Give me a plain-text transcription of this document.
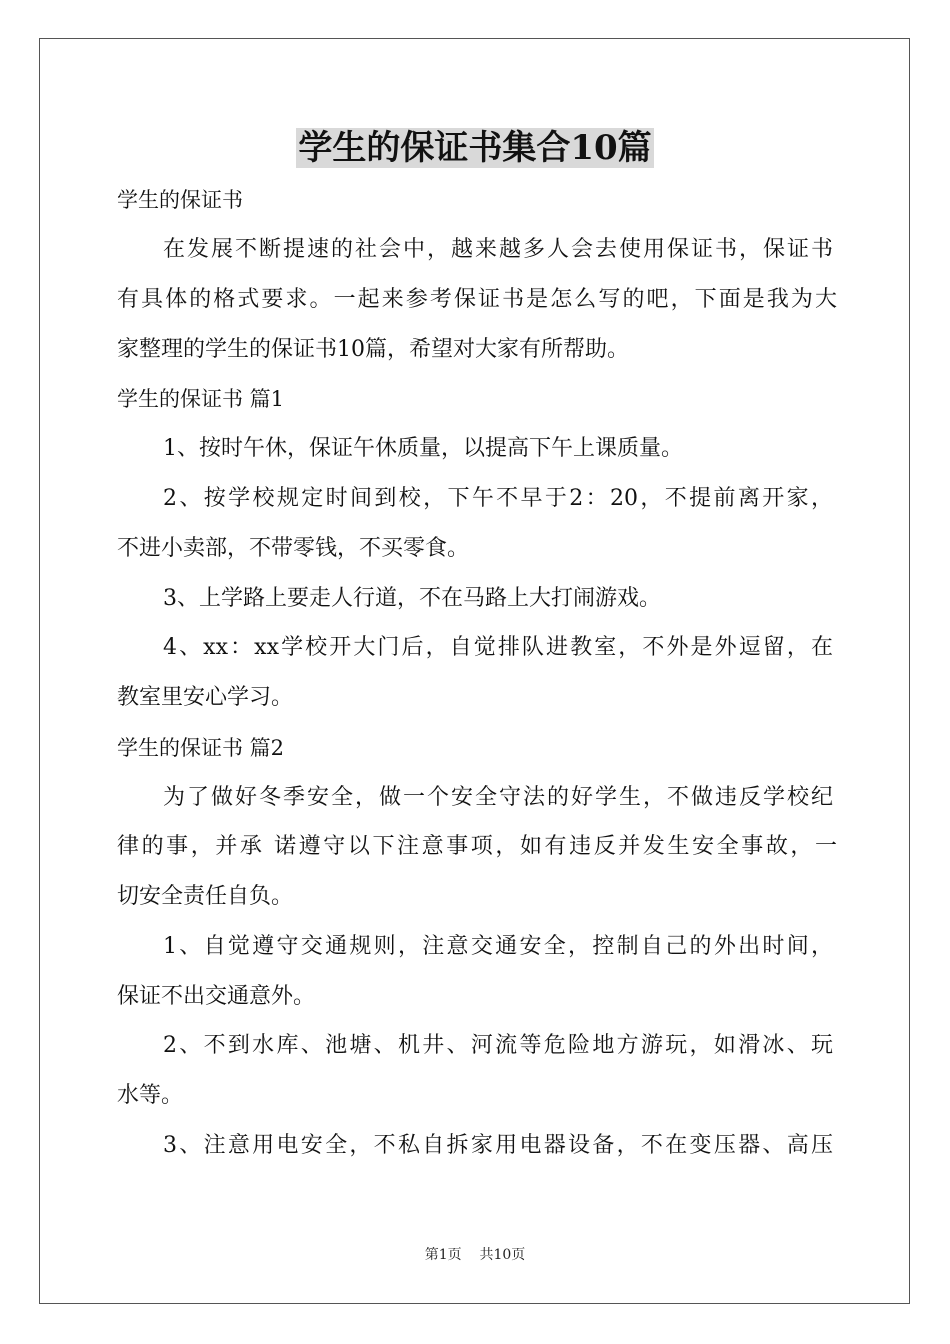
学生的保证书集合10篇
学生的保证书
在发展不断提速的社会中，越来越多人会去使用保证书，保证书
有具体的格式要求。一起来参考保证书是怎么写的吧，下面是我为大
家整理的学生的保证书10篇，希望对大家有所帮助。
学生的保证书 篇1
1、按时午休，保证午休质量，以提高下午上课质量。
2、按学校规定时间到校，下午不早于2：20，不提前离开家，
不进小卖部，不带零钱，不买零食。
3、上学路上要走人行道，不在马路上大打闹游戏。
4、xx：xx学校开大门后，自觉排队进教室，不外是外逗留，在
教室里安心学习。
学生的保证书 篇2
为了做好冬季安全，做一个安全守法的好学生，不做违反学校纪
律的事，并承 诺遵守以下注意事项，如有违反并发生安全事故，一
切安全责任自负。
1、自觉遵守交通规则，注意交通安全，控制自己的外出时间，
保证不出交通意外。
2、不到水库、池塘、机井、河流等危险地方游玩，如滑冰、玩
水等。
3、注意用电安全，不私自拆家用电器设备，不在变压器、高压
第1页 共10页
